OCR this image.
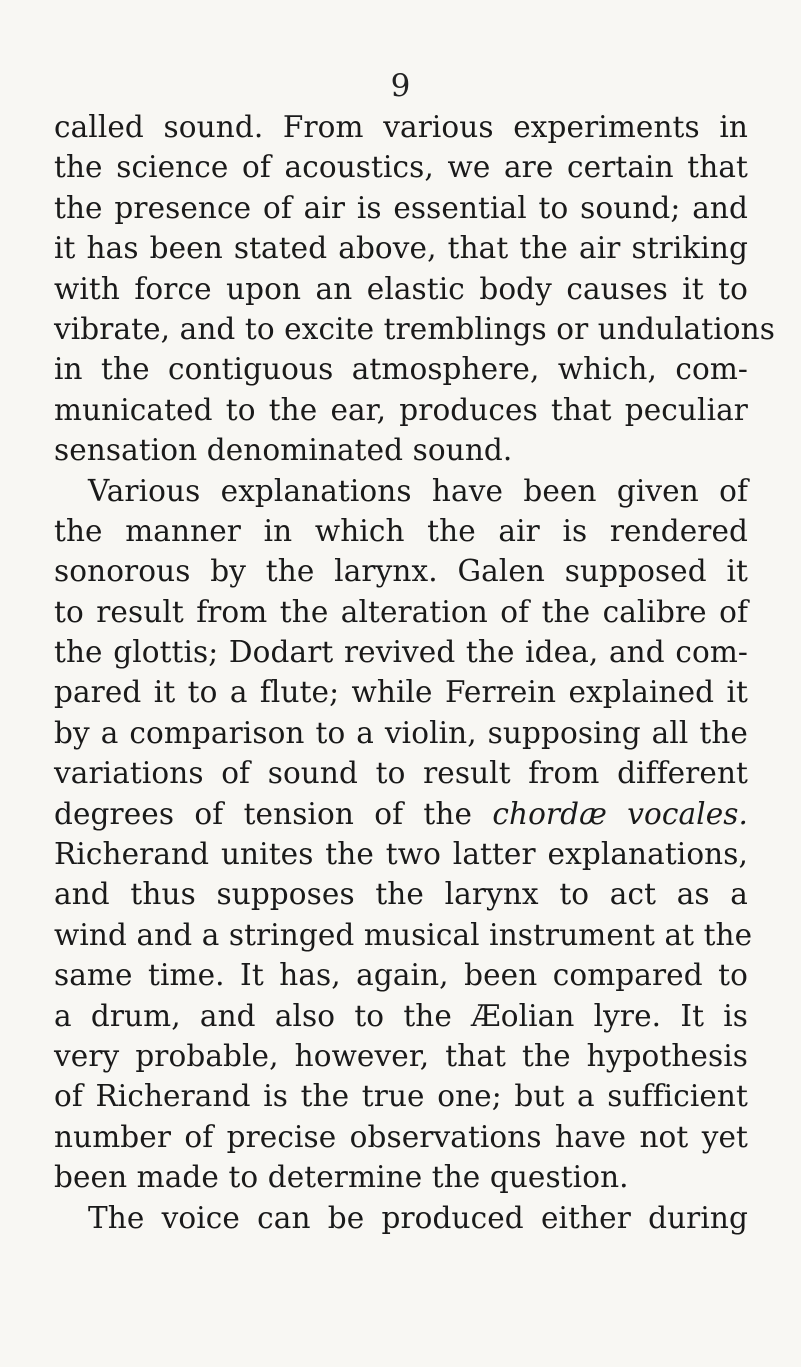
9
called sound. From various experiments in
the science of acoustics, we are certain that
the presence of air is essential to sound; and
it has been stated above, that the air striking
with force upon an elastic body causes it to
vibrate, and to excite tremblings or undulations
in the contiguous atmosphere, which, com-
municated to the ear, produces that peculiar
sensation denominated sound.
Various explanations have been given of
the manner in which the air is rendered
sonorous by the larynx. Galen supposed it
to result from the alteration of the calibre of
the glottis; Dodart revived the idea, and com-
pared it to a flute; while Ferrein explained it
by a comparison to a violin, supposing all the
variations of sound to result from different
degrees of tension of the chordæ vocales.
Richerand unites the two latter explanations,
and thus supposes the larynx to act as a
wind and a stringed musical instrument at the
same time. It has, again, been compared to
a drum, and also to the Æolian lyre. It is
very probable, however, that the hypothesis
of Richerand is the true one; but a sufficient
number of precise observations have not yet
been made to determine the question.
The voice can be produced either during
